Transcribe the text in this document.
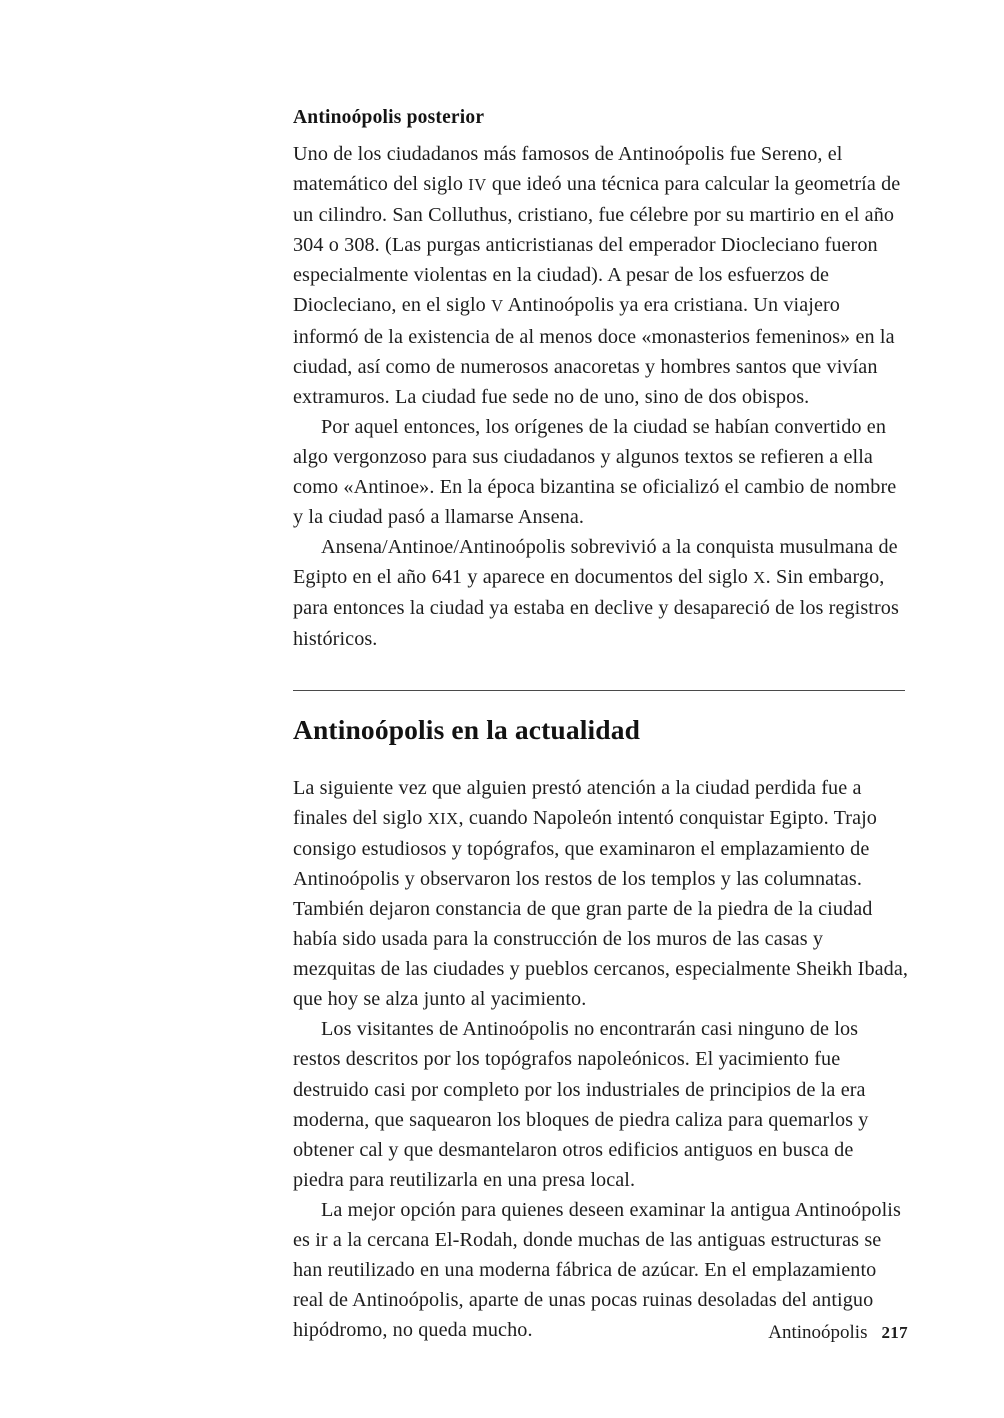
Antinoópolis posterior

Uno de los ciudadanos más famosos de Antinoópolis fue Sereno, el matemático del siglo IV que ideó una técnica para calcular la geometría de un cilindro. San Colluthus, cristiano, fue célebre por su martirio en el año 304 o 308. (Las purgas anticristianas del emperador Diocleciano fueron especialmente violentas en la ciudad). A pesar de los esfuerzos de Diocleciano, en el siglo V Antinoópolis ya era cristiana. Un viajero informó de la existencia de al menos doce «monasterios femeninos» en la ciudad, así como de numerosos anacoretas y hombres santos que vivían extramuros. La ciudad fue sede no de uno, sino de dos obispos.

Por aquel entonces, los orígenes de la ciudad se habían convertido en algo vergonzoso para sus ciudadanos y algunos textos se refieren a ella como «Antinoe». En la época bizantina se oficializó el cambio de nombre y la ciudad pasó a llamarse Ansena.

Ansena/Antinoe/Antinoópolis sobrevivió a la conquista musulmana de Egipto en el año 641 y aparece en documentos del siglo X. Sin embargo, para entonces la ciudad ya estaba en declive y desapareció de los registros históricos.

Antinoópolis en la actualidad

La siguiente vez que alguien prestó atención a la ciudad perdida fue a finales del siglo XIX, cuando Napoleón intentó conquistar Egipto. Trajo consigo estudiosos y topógrafos, que examinaron el emplazamiento de Antinoópolis y observaron los restos de los templos y las columnatas. También dejaron constancia de que gran parte de la piedra de la ciudad había sido usada para la construcción de los muros de las casas y mezquitas de las ciudades y pueblos cercanos, especialmente Sheikh Ibada, que hoy se alza junto al yacimiento.

Los visitantes de Antinoópolis no encontrarán casi ninguno de los restos descritos por los topógrafos napoleónicos. El yacimiento fue destruido casi por completo por los industriales de principios de la era moderna, que saquearon los bloques de piedra caliza para quemarlos y obtener cal y que desmantelaron otros edificios antiguos en busca de piedra para reutilizarla en una presa local.

La mejor opción para quienes deseen examinar la antigua Antinoópolis es ir a la cercana El-Rodah, donde muchas de las antiguas estructuras se han reutilizado en una moderna fábrica de azúcar. En el emplazamiento real de Antinoópolis, aparte de unas pocas ruinas desoladas del antiguo hipódromo, no queda mucho.	Antinoópolis 217
